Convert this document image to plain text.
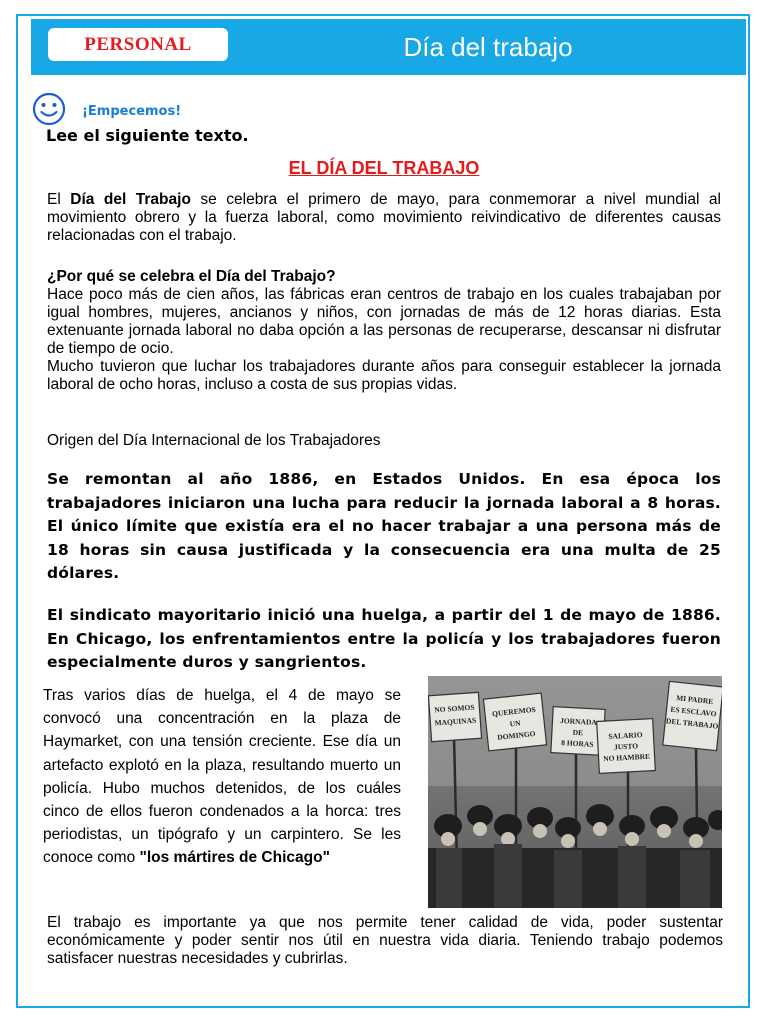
PERSONAL	Día del trabajo
¡Empecemos!
Lee el siguiente texto.
EL DÍA DEL TRABAJO
El Día del Trabajo se celebra el primero de mayo, para conmemorar a nivel mundial al movimiento obrero y la fuerza laboral, como movimiento reivindicativo de diferentes causas relacionadas con el trabajo.
¿Por qué se celebra el Día del Trabajo?
Hace poco más de cien años, las fábricas eran centros de trabajo en los cuales trabajaban por igual hombres, mujeres, ancianos y niños, con jornadas de más de 12 horas diarias. Esta extenuante jornada laboral no daba opción a las personas de recuperarse, descansar ni disfrutar de tiempo de ocio.
Mucho tuvieron que luchar los trabajadores durante años para conseguir establecer la jornada laboral de ocho horas, incluso a costa de sus propias vidas.
Origen del Día Internacional de los Trabajadores
Se remontan al año 1886, en Estados Unidos. En esa época los trabajadores iniciaron una lucha para reducir la jornada laboral a 8 horas. El único límite que existía era el no hacer trabajar a una persona más de 18 horas sin causa justificada y la consecuencia era una multa de 25 dólares.
El sindicato mayoritario inició una huelga, a partir del 1 de mayo de 1886. En Chicago, los enfrentamientos entre la policía y los trabajadores fueron especialmente duros y sangrientos.
Tras varios días de huelga, el 4 de mayo se convocó una concentración en la plaza de Haymarket, con una tensión creciente. Ese día un artefacto explotó en la plaza, resultando muerto un policía. Hubo muchos detenidos, de los cuáles cinco de ellos fueron condenados a la horca: tres periodistas, un tipógrafo y un carpintero. Se les conoce como "los mártires de Chicago"
NO SOMOS
MAQUINAS
QUEREMOS
UN
DOMINGO
JORNADA
DE
8 HORAS
SALARIO
JUSTO
NO HAMBRE
MI PADRE
ES ESCLAVO
DEL TRABAJO
El trabajo es importante ya que nos permite tener calidad de vida, poder sustentar económicamente y poder sentir nos útil en nuestra vida diaria. Teniendo trabajo podemos satisfacer nuestras necesidades y cubrirlas.
